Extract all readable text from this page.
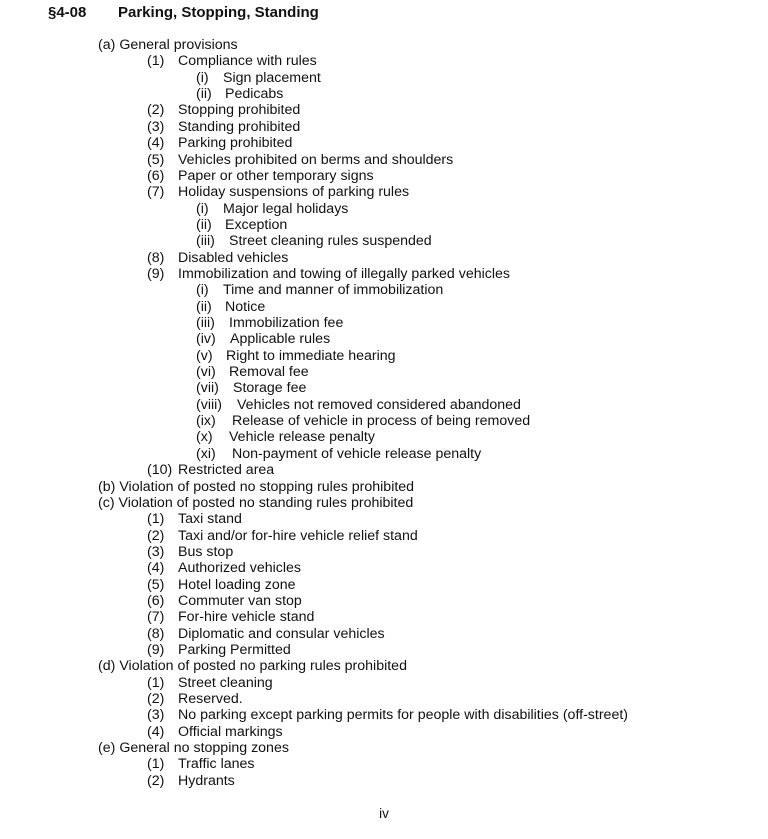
§4-08 Parking, Stopping, Standing
(a) General provisions
(1) Compliance with rules
(i) Sign placement
(ii) Pedicabs
(2) Stopping prohibited
(3) Standing prohibited
(4) Parking prohibited
(5) Vehicles prohibited on berms and shoulders
(6) Paper or other temporary signs
(7) Holiday suspensions of parking rules
(i) Major legal holidays
(ii) Exception
(iii) Street cleaning rules suspended
(8) Disabled vehicles
(9) Immobilization and towing of illegally parked vehicles
(i) Time and manner of immobilization
(ii) Notice
(iii) Immobilization fee
(iv) Applicable rules
(v) Right to immediate hearing
(vi) Removal fee
(vii) Storage fee
(viii) Vehicles not removed considered abandoned
(ix) Release of vehicle in process of being removed
(x) Vehicle release penalty
(xi) Non-payment of vehicle release penalty
(10) Restricted area
(b) Violation of posted no stopping rules prohibited
(c) Violation of posted no standing rules prohibited
(1) Taxi stand
(2) Taxi and/or for-hire vehicle relief stand
(3) Bus stop
(4) Authorized vehicles
(5) Hotel loading zone
(6) Commuter van stop
(7) For-hire vehicle stand
(8) Diplomatic and consular vehicles
(9) Parking Permitted
(d) Violation of posted no parking rules prohibited
(1) Street cleaning
(2) Reserved.
(3) No parking except parking permits for people with disabilities (off-street)
(4) Official markings
(e) General no stopping zones
(1) Traffic lanes
(2) Hydrants
iv
